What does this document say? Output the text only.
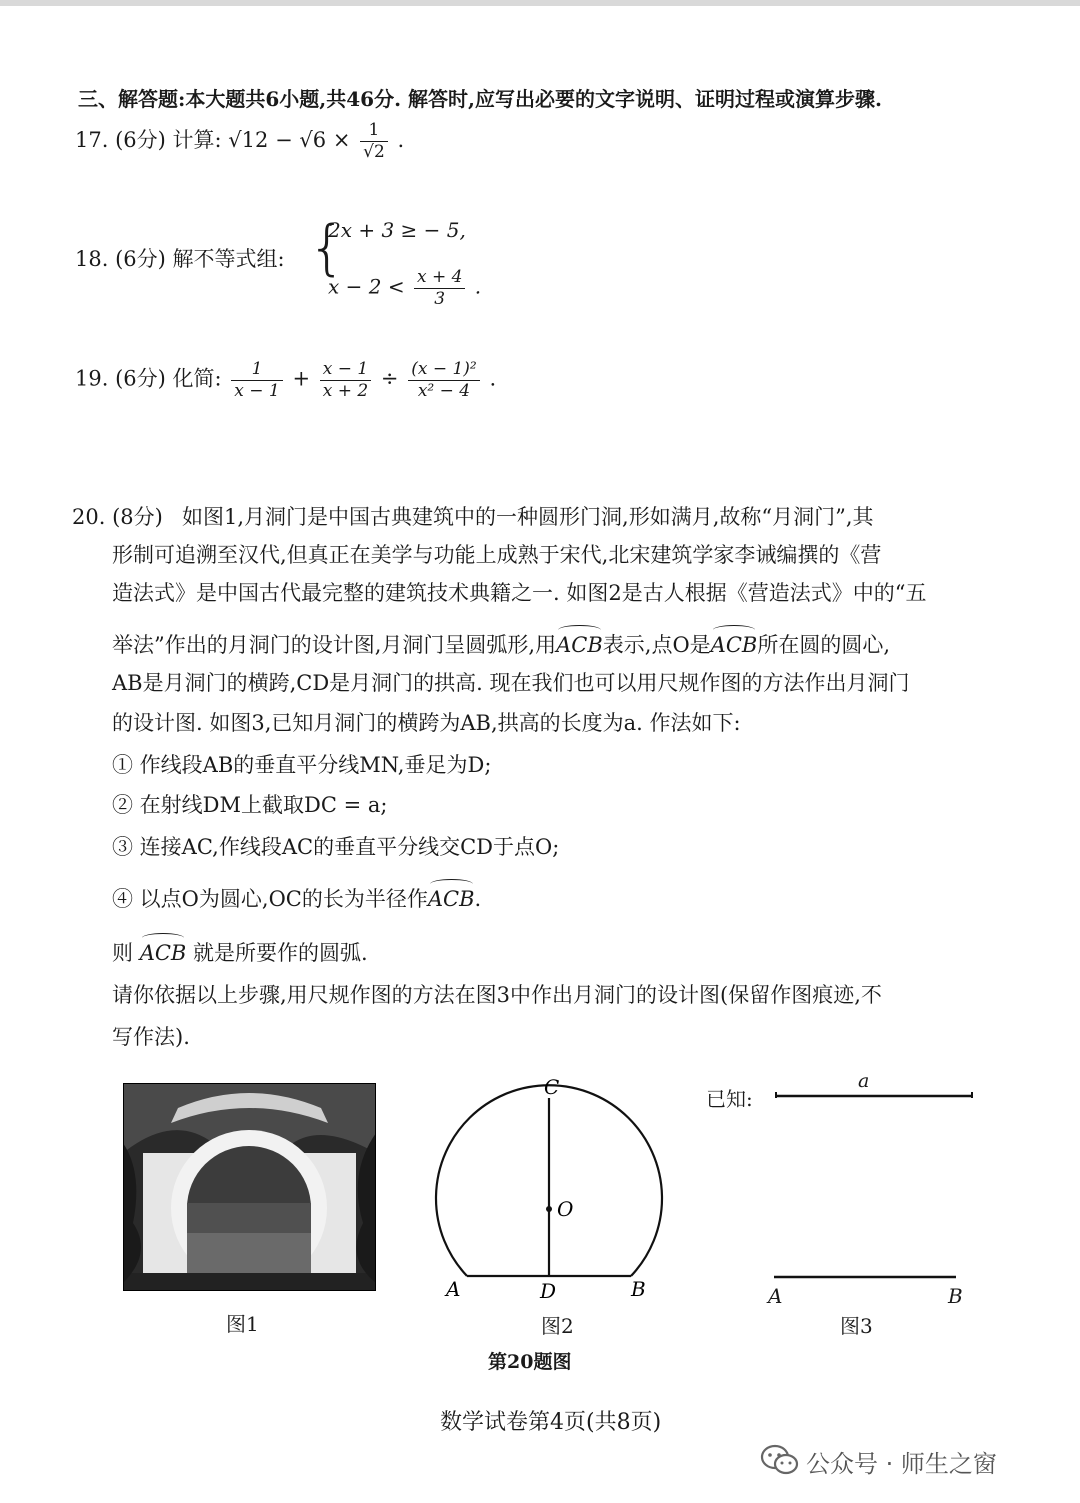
三、解答题:本大题共6小题,共46分. 解答时,应写出必要的文字说明、证明过程或演算步骤.
17. (6分) 计算: $√12 - √6 \times \frac{1}{√2}$ .
18. (6分) 解不等式组: {
2x + 3 ≥ − 5,
$x - 2 < \frac{x + 4}{3}$ .
19. (6分) 化简: $\frac{1}{x - 1} + \frac{x - 1}{x + 2} \div \frac{\text{(x − 1)²}}{\text{x² − 4}}$ .
20. (8分) 如图1,月洞门是中国古典建筑中的一种圆形门洞,形如满月,故称“月洞门”,其
形制可追溯至汉代,但真正在美学与功能上成熟于宋代,北宋建筑学家李诫编撰的《营
造法式》是中国古代最完整的建筑技术典籍之一. 如图2是古人根据《营造法式》中的“五
举法”作出的月洞门的设计图,月洞门呈圆弧形,用ACB表示,点O是ACB所在圆的圆心,
AB是月洞门的横跨,CD是月洞门的拱高. 现在我们也可以用尺规作图的方法作出月洞门
的设计图. 如图3,已知月洞门的横跨为AB,拱高的长度为a. 作法如下:
① 作线段AB的垂直平分线MN,垂足为D;
② 在射线DM上截取DC = a;
③ 连接AC,作线段AC的垂直平分线交CD于点O;
④ 以点O为圆心,OC的长为半径作ACB.
则 ACB 就是所要作的圆弧.
请你依据以上步骤,用尺规作图的方法在图3中作出月洞门的设计图(保留作图痕迹,不
写作法).
图1
C
O
A	D	B
图2
已知:
a
A	B
图3
第20题图
数学试卷第4页(共8页)
公众号 · 师生之窗
